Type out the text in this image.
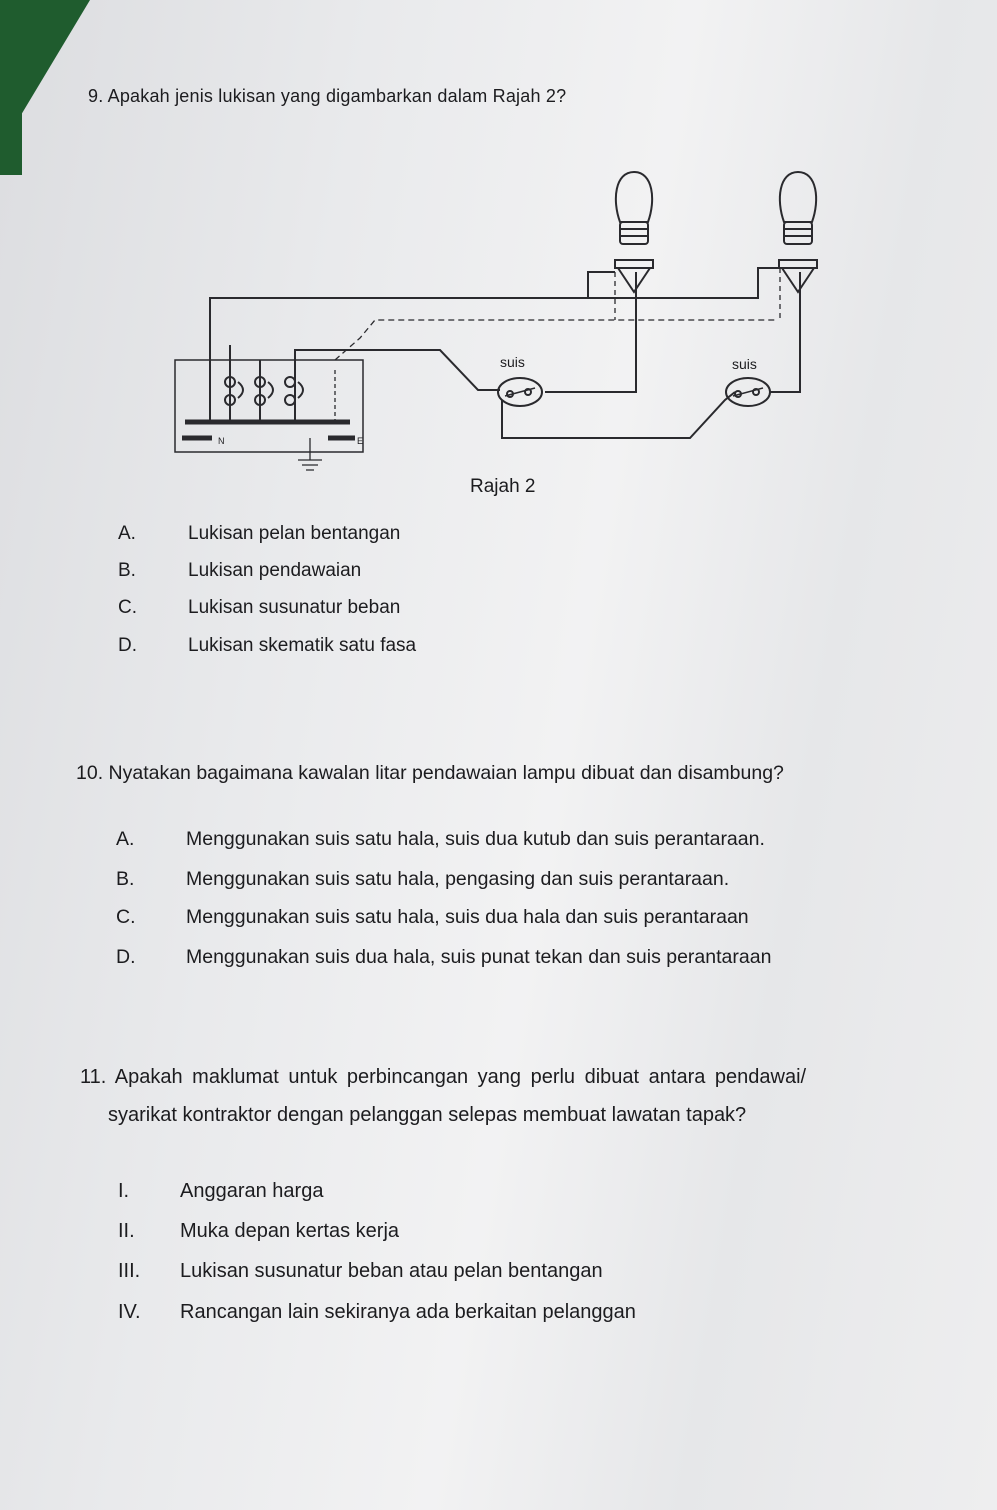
9. Apakah jenis lukisan yang digambarkan dalam Rajah 2?
suis	suis
N	E
Rajah 2
A.	Lukisan pelan bentangan
B.	Lukisan pendawaian
C.	Lukisan susunatur beban
D.	Lukisan skematik satu fasa
10. Nyatakan bagaimana kawalan litar pendawaian lampu dibuat dan disambung?
A.	Menggunakan suis satu hala, suis dua kutub dan suis perantaraan.
B.	Menggunakan suis satu hala, pengasing dan suis perantaraan.
C.	Menggunakan suis satu hala, suis dua hala dan suis perantaraan
D.	Menggunakan suis dua hala, suis punat tekan dan suis perantaraan
11. Apakah maklumat untuk perbincangan yang perlu dibuat antara pendawai/
syarikat kontraktor dengan pelanggan selepas membuat lawatan tapak?
I.	Anggaran harga
II. Muka depan kertas kerja
III. Lukisan susunatur beban atau pelan bentangan
IV. Rancangan lain sekiranya ada berkaitan pelanggan
